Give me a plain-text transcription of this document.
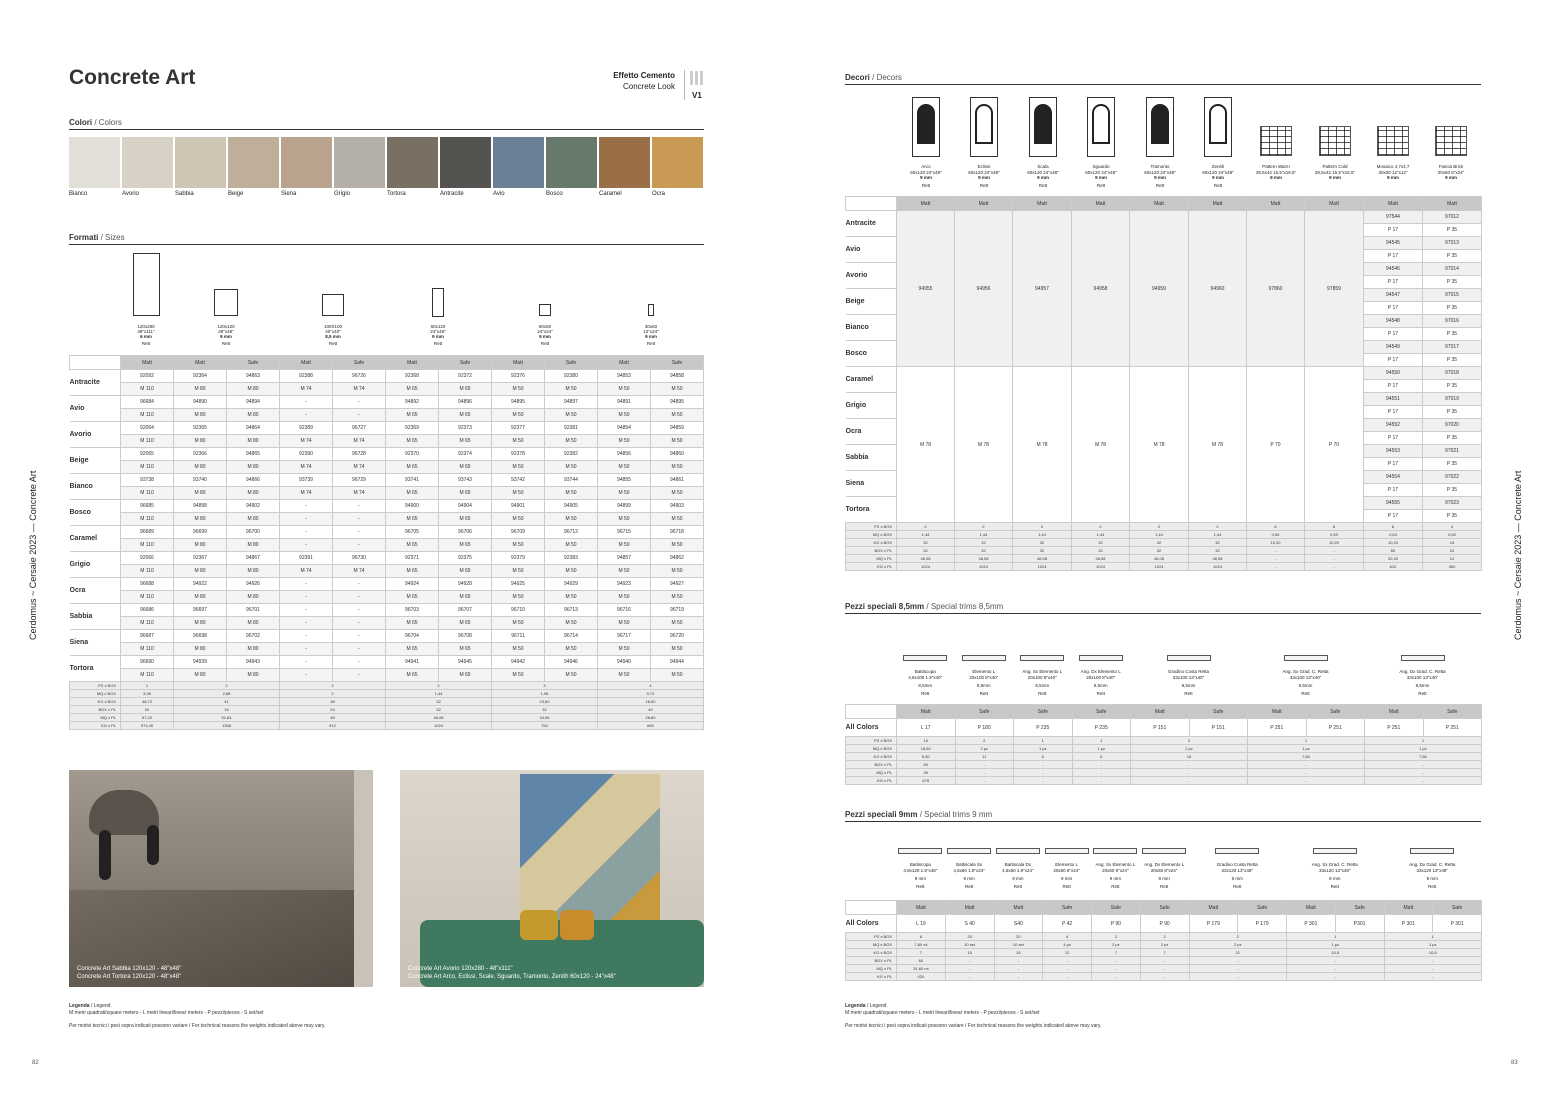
Concrete Art	Effetto Cemento
Concrete Look
V1
Colori / Colors
Bianco	Avorio	Sabbia	Beige	Siena	Grigio	Tortora	Antracite	Avio	Bosco	Caramel	Ocra
Formati / Sizes
120x280
48"x111"
6 mm
Rett
120x120
48"x48"
9 mm
Rett
100X100
40"x40"
8,5 mm
Rett
60x120
24"x48"
9 mm
Rett
60x60
24"x24"
9 mm
Rett
30x60
12"x24"
9 mm
Rett
	Matt	Matt	Safe	Matt	Safe	Matt	Safe	Matt	Safe	Matt	Safe
Antracite	92092	92364	94863	92388	96726	92368	92372	92376	92380	94853	94858
	M 110	M 80	M 80	M 74	M 74	M 65	M 65	M 50	M 50	M 50	M 50
Avio	96684	94890	94894	-	-	94892	94896	94895	94897	94891	94895
	M 110	M 80	M 80	-	-	M 65	M 65	M 50	M 50	M 50	M 50
Avorio	92064	92365	94864	92389	96727	92369	92373	92377	92381	94854	94859
	M 110	M 80	M 80	M 74	M 74	M 65	M 65	M 50	M 50	M 50	M 50
Beige	92065	92366	94865	92390	96728	92370	92374	92378	92382	94856	94860
	M 110	M 80	M 80	M 74	M 74	M 65	M 65	M 50	M 50	M 50	M 50
Bianco	93738	93740	94866	93739	96729	93741	93743	93742	93744	94855	94861
	M 110	M 80	M 80	M 74	M 74	M 65	M 65	M 50	M 50	M 50	M 50
Bosco	96685	94898	94902	-	-	94900	94904	94901	94905	94899	94903
	M 110	M 80	M 80	-	-	M 65	M 65	M 50	M 50	M 50	M 50
Caramel	96689	96699	96700	-	-	96705	96706	96709	96712	96715	96718
	M 110	M 80	M 80	-	-	M 65	M 65	M 50	M 50	M 50	M 50
Grigio	92066	92367	94867	92391	96730	92371	92375	92379	92383	94857	94862
	M 110	M 80	M 80	M 74	M 74	M 65	M 65	M 50	M 50	M 50	M 50
Ocra	96688	94922	94926	-	-	94924	94928	94925	94929	94923	94927
	M 110	M 80	M 80	-	-	M 65	M 65	M 50	M 50	M 50	M 50
Sabbia	96686	96697	96701	-	-	96703	96707	96710	96713	96716	96719
	M 110	M 80	M 80	-	-	M 65	M 65	M 50	M 50	M 50	M 50
Siena	96687	96698	96702	-	-	96704	96708	96711	96714	96717	96720
	M 110	M 80	M 80	-	-	M 65	M 65	M 50	M 50	M 50	M 50
Tortora	96690	94939	94943	-	-	94941	94945	94942	94946	94940	94944
	M 110	M 80	M 80	-	-	M 65	M 65	M 50	M 50	M 50	M 50
PZ x BOX	1	2		2		2		3		4	
MQ x BOX	3,36	2,88		2		1,44		1,08		0,72	
KG x BOX	48,72	41		38		32		23,60		16,50	
BOX x PL	20	16		24		32		32		40	
MQ x PL	67,20	51,84		48		46,08		34,56		28,80	
KG x PL	974,40	1358		912		1024		752		660	
Concrete Art Sabbia 120x120 - 48"x48"
Concrete Art Tortora 120x120 - 48"x48"
Concrete Art Avorio 120x280 - 48"x111"
Concrete Art Arco, Eclissi, Scale, Sguardo, Tramonto, Zenith 60x120 - 24"x48"
Legenda / Legend
M metri quadrati/square meters - L metri lineari/linear meters - P pezzi/pieces - S set/set
Per motivi tecnici i pesi sopra indicati possono variare / For technical reasons the weights indicated above may vary.
Cerdomus ~ Cersaie 2023 — Concrete Art
82
Decori / Decors
Arco
60x120 24"x48"
9 mm
Rett
Eclissi
60x120 24"x48"
9 mm
Rett
Scala
60x120 24"x48"
9 mm
Rett
Sguardo
60x120 24"x48"
9 mm
Rett
Tramonto
60x120 24"x48"
9 mm
Rett
Zenith
60x120 24"x48"
9 mm
Rett
Pattern Warm
39,5x42 15.5"x16.5"
9 mm
Pattern Cold
39,5x42 15.5"x16.5"
9 mm
Mosaico 4,7x4,7
30x30 12"x12"
9 mm
Fascia Brick
20x60 8"x24"
9 mm
	Matt	Matt	Matt	Matt	Matt	Matt	Matt	Matt	Matt	Matt
Antracite	94955	94956	94957	94958	94959	94960	97860	97859	97544	97012
									P 17	P 35
Avio									94545	97013
									P 17	P 35
Avorio									94546	97014
									P 17	P 35
Beige									94547	97015
									P 17	P 35
Bianco									94548	97016
									P 17	P 35
Bosco									94549	97017
									P 17	P 35
Caramel	M 78	M 78	M 78	M 78	M 78	M 78	P 70	P 70	94550	97018
									P 17	P 35
Grigio									94551	97019
									P 17	P 35
Ocra									94552	97020
									P 17	P 35
Sabbia									94553	97021
									P 17	P 35
Siena									94554	97022
									P 17	P 35
Tortora									94555	97023
									P 17	P 35
PZ x BOX	2	2	2	2	2	2	6	6	6	4
MQ x BOX	1,44	1,44	1,44	1,44	1,44	1,44	0,59	0,59	0,54	0,50
KG x BOX	32	32	32	32	32	32	10,20	10,20	10,20	15
BOX x PL	32	32	32	32	32	32	-	-	60	24
MQ x PL	46,08	46,08	46,08	46,08	46,08	46,08	-	-	32,40	12
KG x PL	1024	1024	1024	1024	1024	1024	-	-	612	360
Pezzi speciali 8,5mm / Special trims 8,5mm
Battiscopa
4,8x100 1.9"x40"
8,5mm
Rett
Elemento L
20x100 8"x40"
8,5mm
Rett
Ang. Sx Elemento L
20x100 8"x40"
8,5mm
Rett
Ang. Dx Elemento L
20x100 8"x40"
8,5mm
Rett
Gradino Costa Retta
33x100 13"x40"
8,5mm
Rett
Ang. Sx Grad. C. Retta
33x100 13"x40"
8,5mm
Rett
Ang. Dx Grad. C. Retta
33x100 13"x40"
8,5mm
Rett
	Matt	Safe	Safe	Safe	Matt	Safe	Matt	Safe	Matt	Safe
All Colors	L 17	P 180	P 235	P 235	P 151	P 151	P 251	P 251	P 251	P 251
PZ x BOX	10	2	1	1	2		1		1	
MQ x BOX	15,60	2 pz	1 pz	1 pz	2 pz		1 pz		1 pz	
KG x BOX	5,30	11	6	6	15		7,80		7,80	
BOX x PL	60	-	-	-	-		-		-	
MQ x PL	30	-	-	-	-		-		-	
KG x PL	678	-	-	-	-		-		-	
Pezzi speciali 9mm / Special trims 9 mm
Battiscopa
4,8x120 1.9"x48"
9 mm
Rett
Battiscala Sx
4,6x60 1.9"x24"
9 mm
Rett
Battiscala Dx
4,6x60 1.9"x24"
9 mm
Rett
Elemento L
20x60 8"x24"
9 mm
Rett
Ang. Sx Elemento L
20x60 8"x24"
9 mm
Rett
Ang. Dx Elemento L
20x60 8"x24"
9 mm
Rett
Gradino Costa Retta
33x120 13"x48"
9 mm
Rett
Ang. Sx Grad. C. Retta
33x120 13"x48"
9 mm
Rett
Ang. Dx Grad. C. Retta
33x120 13"x48"
9 mm
Rett
	Matt	Matt	Matt	Safe	Safe	Safe	Matt	Safe	Matt	Safe	Matt	Safe
All Colors	L 19	S 40	S40	P 42	P 90	P 90	P 179	P 179	P 301	P301	P 301	P 301
PZ x BOX	6	20	20	4	2	2	2		1		1	
MQ x BOX	7,80 ml	10 set	10 set	4 pz	2 pz	2 pz	2 pz		1 pz		1 pz	
KG x BOX	7	15	15	12	7	7	21		10,5		10,5	
BOX x PL	60	-	-	-	-	-	-		-		-	
MQ x PL	31,60 ml	-	-	-	-	-	-		-		-	
KG x PL	420	-	-	-	-	-	-		-		-	
Legenda / Legend
M metri quadrati/square meters - L metri lineari/linear meters - P pezzi/pieces - S set/set
Per motivi tecnici i pesi sopra indicati possono variare / For technical reasons the weights indicated above may vary.
83
Cerdomus ~ Cersaie 2023 — Concrete Art
